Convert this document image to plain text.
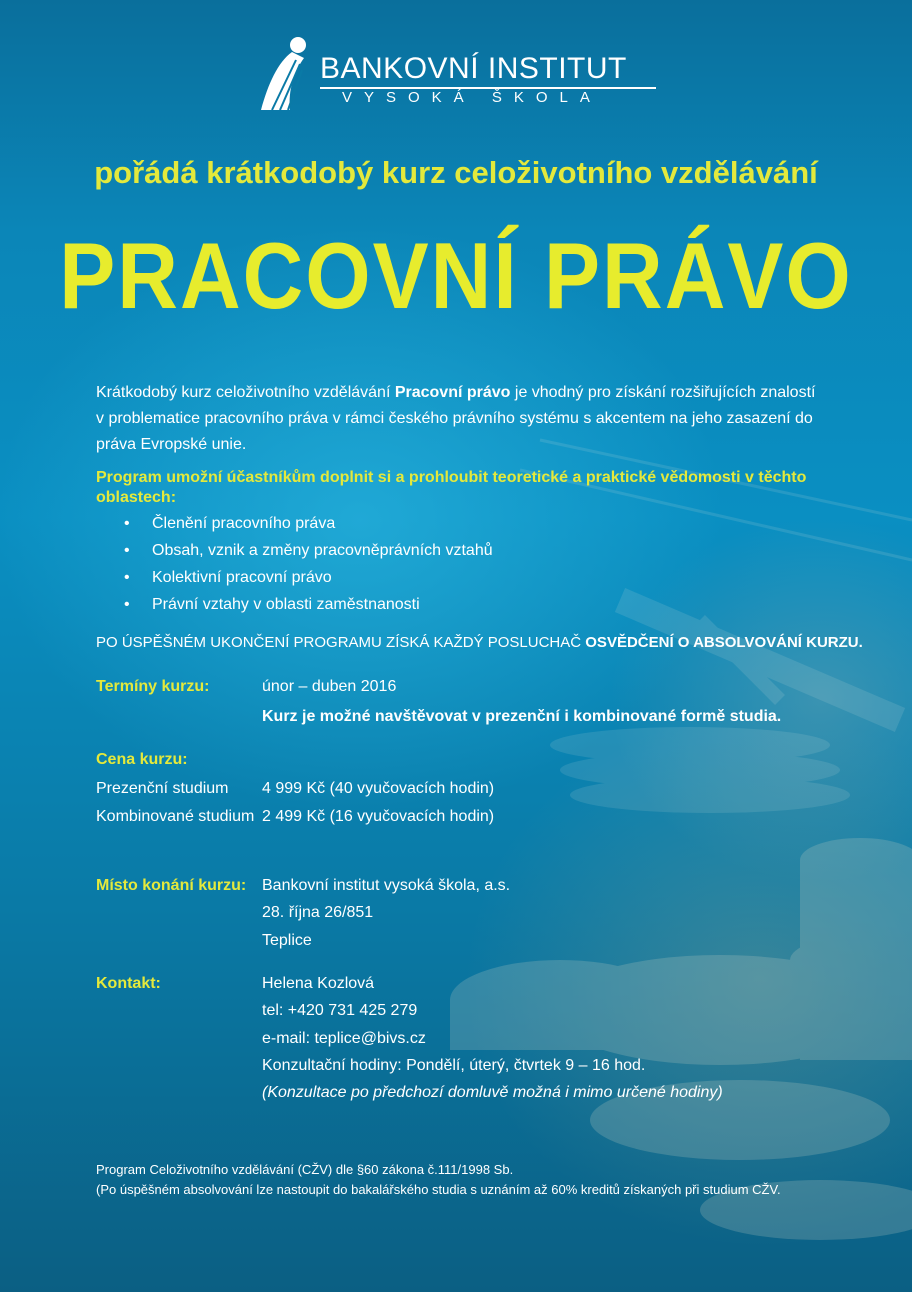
BANKOVNÍ INSTITUT
VYSOKÁ ŠKOLA
pořádá krátkodobý kurz celoživotního vzdělávání
PRACOVNÍ PRÁVO
Krátkodobý kurz celoživotního vzdělávání Pracovní právo je vhodný pro získání rozšiřujících znalostí v problematice pracovního práva v rámci českého právního systému s akcentem na jeho zasazení do práva Evropské unie.
Program umožní účastníkům doplnit si a prohloubit teoretické a praktické vědomosti v těchto oblastech:
• Členění pracovního práva
• Obsah, vznik a změny pracovněprávních vztahů
• Kolektivní pracovní právo
• Právní vztahy v oblasti zaměstnanosti
PO ÚSPĚŠNÉM UKONČENÍ PROGRAMU ZÍSKÁ KAŽDÝ POSLUCHAČ OSVĚDČENÍ O ABSOLVOVÁNÍ KURZU.
Termíny kurzu:	únor – duben 2016
Kurz je možné navštěvovat v prezenční i kombinované formě studia.
Cena kurzu:
Prezenční studium 4 999 Kč (40 vyučovacích hodin)
Kombinované studium 2 499 Kč (16 vyučovacích hodin)
Místo konání kurzu: Bankovní institut vysoká škola, a.s.
28. října 26/851
Teplice
Kontakt:	Helena Kozlová
tel: +420 731 425 279
e-mail: teplice@bivs.cz
Konzultační hodiny: Pondělí, úterý, čtvrtek 9 – 16 hod.
(Konzultace po předchozí domluvě možná i mimo určené hodiny)
Program Celoživotního vzdělávání (CŽV) dle §60 zákona č.111/1998 Sb.
(Po úspěšném absolvování lze nastoupit do bakalářského studia s uznáním až 60% kreditů získaných při studium CŽV.
